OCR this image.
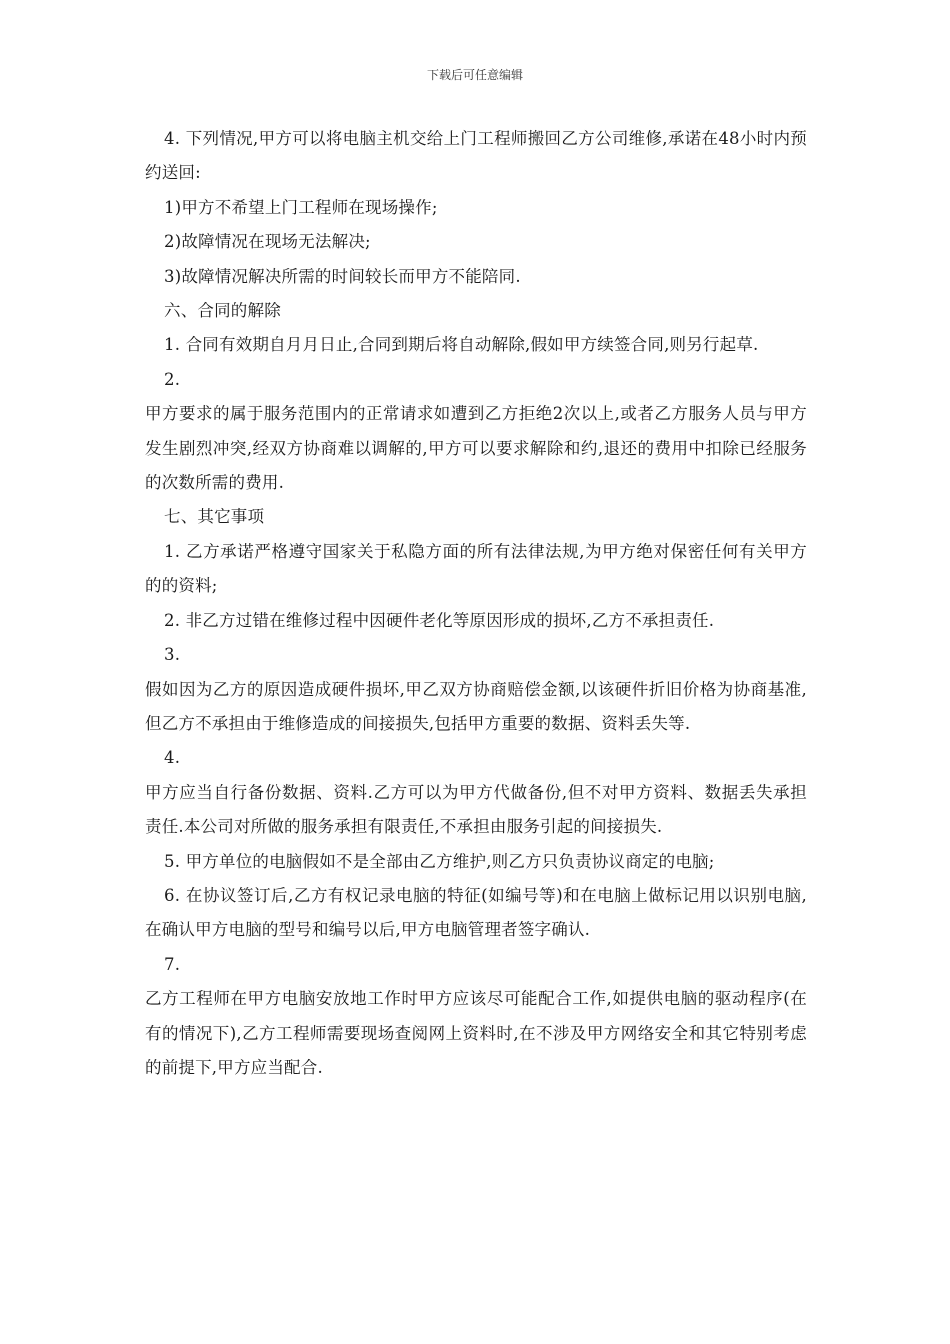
下载后可任意编辑

4. 下列情况,甲方可以将电脑主机交给上门工程师搬回乙方公司维修,承诺在48小时内预约送回:

1)甲方不希望上门工程师在现场操作;

2)故障情况在现场无法解决;

3)故障情况解决所需的时间较长而甲方不能陪同.

六、合同的解除

1. 合同有效期自月月日止,合同到期后将自动解除,假如甲方续签合同,则另行起草.

2.

甲方要求的属于服务范围内的正常请求如遭到乙方拒绝2次以上,或者乙方服务人员与甲方发生剧烈冲突,经双方协商难以调解的,甲方可以要求解除和约,退还的费用中扣除已经服务的次数所需的费用.

七、其它事项

1. 乙方承诺严格遵守国家关于私隐方面的所有法律法规,为甲方绝对保密任何有关甲方的的资料;

2. 非乙方过错在维修过程中因硬件老化等原因形成的损坏,乙方不承担责任.

3.

假如因为乙方的原因造成硬件损坏,甲乙双方协商赔偿金额,以该硬件折旧价格为协商基准,但乙方不承担由于维修造成的间接损失,包括甲方重要的数据、资料丢失等.

4.

甲方应当自行备份数据、资料.乙方可以为甲方代做备份,但不对甲方资料、数据丢失承担责任.本公司对所做的服务承担有限责任,不承担由服务引起的间接损失.

5. 甲方单位的电脑假如不是全部由乙方维护,则乙方只负责协议商定的电脑;

6. 在协议签订后,乙方有权记录电脑的特征(如编号等)和在电脑上做标记用以识别电脑,在确认甲方电脑的型号和编号以后,甲方电脑管理者签字确认.

7.

乙方工程师在甲方电脑安放地工作时甲方应该尽可能配合工作,如提供电脑的驱动程序(在有的情况下),乙方工程师需要现场查阅网上资料时,在不涉及甲方网络安全和其它特别考虑的前提下,甲方应当配合.
